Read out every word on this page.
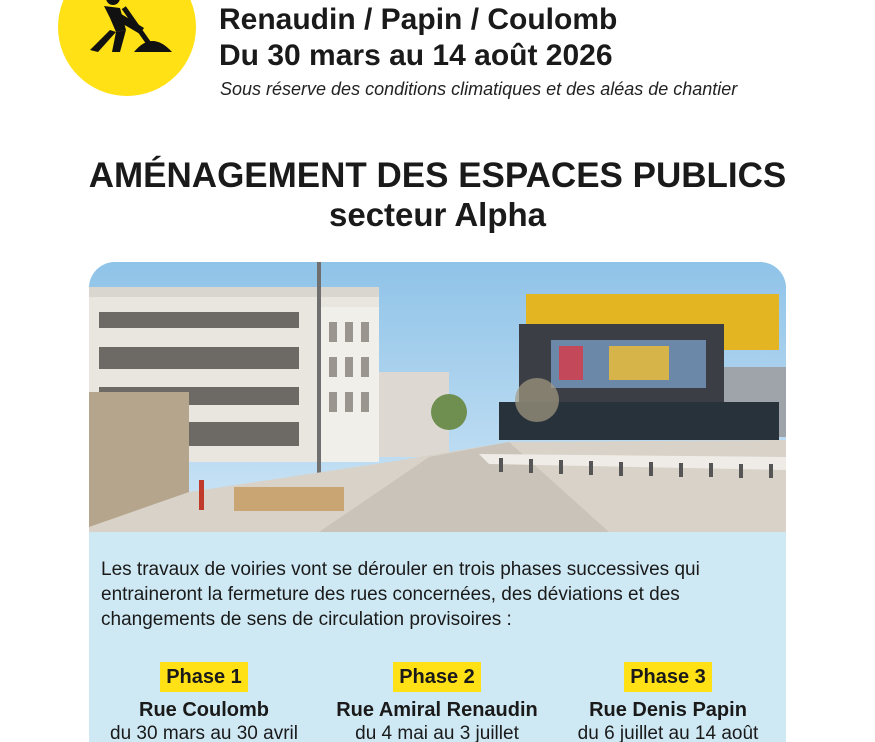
Renaudin / Papin / Coulomb
Du 30 mars au 14 août 2026

Sous réserve des conditions climatiques et des aléas de chantier

AMÉNAGEMENT DES ESPACES PUBLICS
secteur Alpha

Les travaux de voiries vont se dérouler en trois phases successives qui entraineront la fermeture des rues concernées, des déviations et des changements de sens de circulation provisoires :

Phase 1
Rue Coulomb
du 30 mars au 30 avril
Phase 2
Rue Amiral Renaudin
du 4 mai au 3 juillet
Phase 3
Rue Denis Papin
du 6 juillet au 14 août
